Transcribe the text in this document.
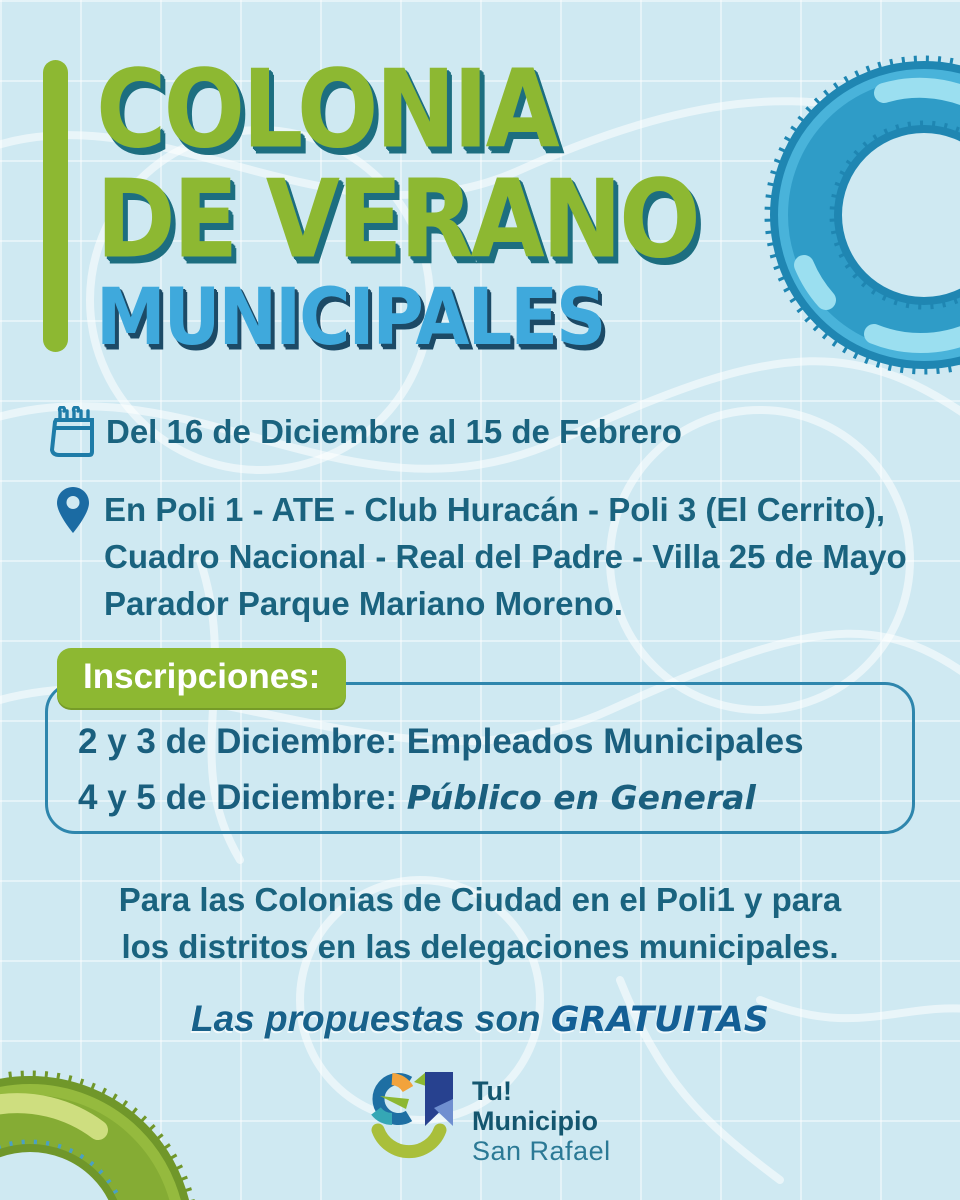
COLONIA
DE VERANO
MUNICIPALES
Del 16 de Diciembre al 15 de Febrero
En Poli 1 - ATE - Club Huracán - Poli 3 (El Cerrito),
Cuadro Nacional - Real del Padre - Villa 25 de Mayo
Parador Parque Mariano Moreno.
Inscripciones:
2 y 3 de Diciembre: Empleados Municipales
4 y 5 de Diciembre: Público en General
Para las Colonias de Ciudad en el Poli1 y para
los distritos en las delegaciones municipales.
Las propuestas son GRATUITAS
Tu!
Municipio
San Rafael
